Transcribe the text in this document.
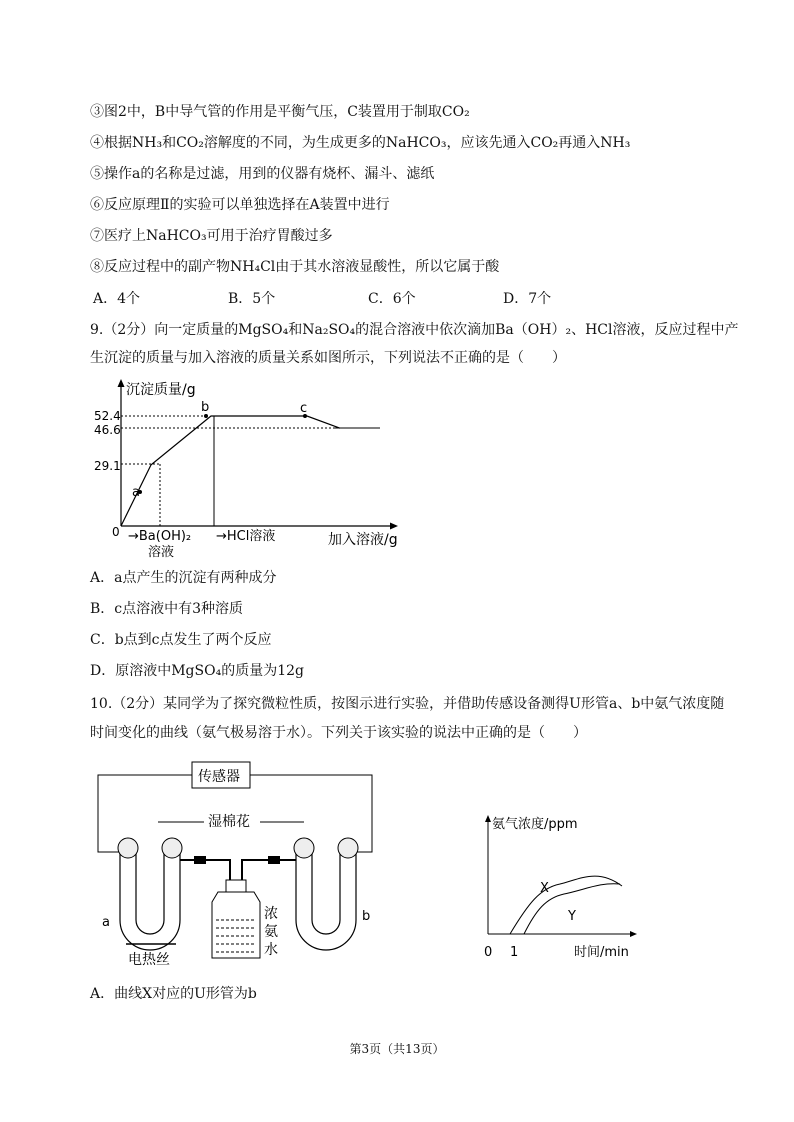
③图2中，B中导气管的作用是平衡气压，C装置用于制取CO₂
④根据NH₃和CO₂溶解度的不同，为生成更多的NaHCO₃，应该先通入CO₂再通入NH₃
⑤操作a的名称是过滤，用到的仪器有烧杯、漏斗、滤纸
⑥反应原理Ⅱ的实验可以单独选择在A装置中进行
⑦医疗上NaHCO₃可用于治疗胃酸过多
⑧反应过程中的副产物NH₄Cl由于其水溶液显酸性，所以它属于酸
A．4个	B．5个	C．6个	D．7个
9.（2分）向一定质量的MgSO₄和Na₂SO₄的混合溶液中依次滴加Ba（OH）₂、HCl溶液，反应过程中产
生沉淀的质量与加入溶液的质量关系如图所示，下列说法不正确的是（　　）
沉淀质量/g
52.4
46.6
29.1
0
a
b	c
→Ba(OH)₂
溶液
→HCl溶液	加入溶液/g
A．a点产生的沉淀有两种成分
B．c点溶液中有3种溶质
C．b点到c点发生了两个反应
D．原溶液中MgSO₄的质量为12g
10.（2分）某同学为了探究微粒性质，按图示进行实验，并借助传感设备测得U形管a、b中氨气浓度随
时间变化的曲线（氨气极易溶于水）。下列关于该实验的说法中正确的是（　　）
传感器
湿棉花
a
电热丝
b
浓
氨
水
氨气浓度/ppm
X
Y
0 1	时间/min
A．曲线X对应的U形管为b
第3页（共13页）
